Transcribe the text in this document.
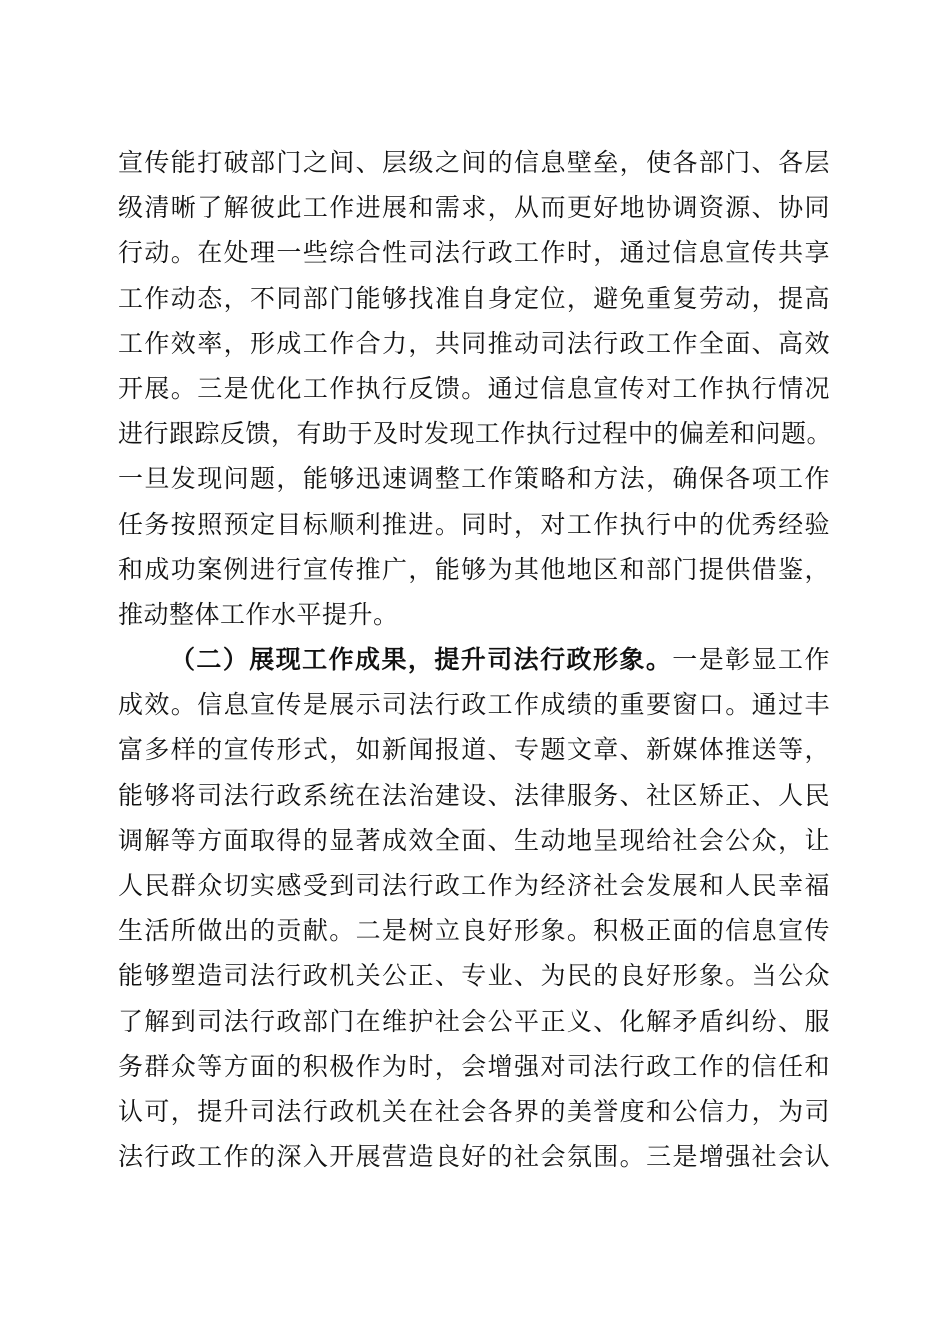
宣传能打破部门之间、层级之间的信息壁垒，使各部门、各层
级清晰了解彼此工作进展和需求，从而更好地协调资源、协同
行动。在处理一些综合性司法行政工作时，通过信息宣传共享
工作动态，不同部门能够找准自身定位，避免重复劳动，提高
工作效率，形成工作合力，共同推动司法行政工作全面、高效
开展。三是优化工作执行反馈。通过信息宣传对工作执行情况
进行跟踪反馈，有助于及时发现工作执行过程中的偏差和问题。
一旦发现问题，能够迅速调整工作策略和方法，确保各项工作
任务按照预定目标顺利推进。同时，对工作执行中的优秀经验
和成功案例进行宣传推广，能够为其他地区和部门提供借鉴，
推动整体工作水平提升。
（二）展现工作成果，提升司法行政形象。一是彰显工作
成效。信息宣传是展示司法行政工作成绩的重要窗口。通过丰
富多样的宣传形式，如新闻报道、专题文章、新媒体推送等，
能够将司法行政系统在法治建设、法律服务、社区矫正、人民
调解等方面取得的显著成效全面、生动地呈现给社会公众，让
人民群众切实感受到司法行政工作为经济社会发展和人民幸福
生活所做出的贡献。二是树立良好形象。积极正面的信息宣传
能够塑造司法行政机关公正、专业、为民的良好形象。当公众
了解到司法行政部门在维护社会公平正义、化解矛盾纠纷、服
务群众等方面的积极作为时，会增强对司法行政工作的信任和
认可，提升司法行政机关在社会各界的美誉度和公信力，为司
法行政工作的深入开展营造良好的社会氛围。三是增强社会认
